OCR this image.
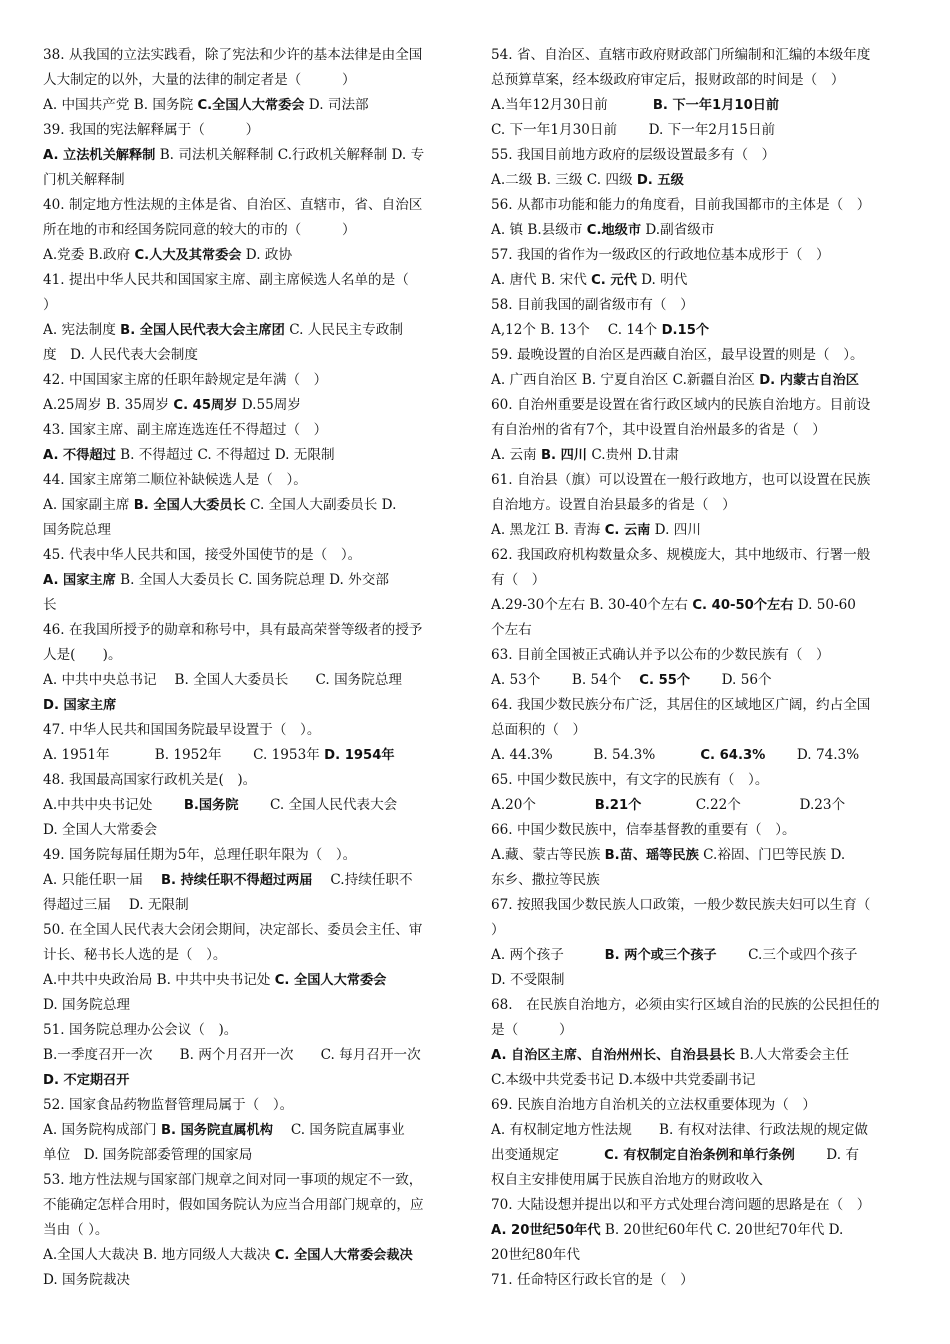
38. 从我国的立法实践看，除了宪法和少许的基本法律是由全国
人大制定的以外，大量的法律的制定者是（　　　）
A. 中国共产党 B. 国务院 C.全国人大常委会 D. 司法部
39. 我国的宪法解释属于（　　　）
A. 立法机关解释制 B. 司法机关解释制 C.行政机关解释制 D. 专
门机关解释制
40. 制定地方性法规的主体是省、自治区、直辖市，省、自治区
所在地的市和经国务院同意的较大的市的（　　　）
A.党委 B.政府 C.人大及其常委会 D. 政协
41. 提出中华人民共和国国家主席、副主席候选人名单的是（
）
A. 宪法制度 B. 全国人民代表大会主席团 C. 人民民主专政制
度　D. 人民代表大会制度
42. 中国国家主席的任职年龄规定是年满（　）
A.25周岁 B. 35周岁 C. 45周岁 D.55周岁
43. 国家主席、副主席连选连任不得超过（　）
A. 不得超过 B. 不得超过 C. 不得超过 D. 无限制
44. 国家主席第二顺位补缺候选人是（　）。
A. 国家副主席 B. 全国人大委员长 C. 全国人大副委员长 D.
国务院总理
45. 代表中华人民共和国，接受外国使节的是（　）。
A. 国家主席 B. 全国人大委员长 C. 国务院总理 D. 外交部
长
46. 在我国所授予的勋章和称号中，具有最高荣誉等级者的授予
人是(　　)。
A. 中共中央总书记　 B. 全国人大委员长　　C. 国务院总理
D. 国家主席
47. 中华人民共和国国务院最早设置于（　）。
A. 1951年　　　 B. 1952年　　 C. 1953年 D. 1954年
48. 我国最高国家行政机关是(　)。
A.中共中央书记处　　 B.国务院　　 C. 全国人民代表大会
D. 全国人大常委会
49. 国务院每届任期为5年，总理任职年限为（　）。
A. 只能任职一届　 B. 持续任职不得超过两届　 C.持续任职不
得超过三届　 D. 无限制
50. 在全国人民代表大会闭会期间，决定部长、委员会主任、审
计长、秘书长人选的是（　）。
A.中共中央政治局 B. 中共中央书记处 C. 全国人大常委会
D. 国务院总理
51. 国务院总理办公会议（　)。
B.一季度召开一次　　B. 两个月召开一次　　C. 每月召开一次
D. 不定期召开
52. 国家食品药物监督管理局属于（　）。
A. 国务院构成部门 B. 国务院直属机构　 C. 国务院直属事业
单位　D. 国务院部委管理的国家局
53. 地方性法规与国家部门规章之间对同一事项的规定不一致，
不能确定怎样合用时，假如国务院认为应当合用部门规章的，应
当由（ ）。
A.全国人大裁决 B. 地方同级人大裁决 C. 全国人大常委会裁决
D. 国务院裁决
54. 省、自治区、直辖市政府财政部门所编制和汇编的本级年度
总预算草案，经本级政府审定后，报财政部的时间是（　）
A.当年12月30日前　　　 B. 下一年1月10日前
C. 下一年1月30日前　　 D. 下一年2月15日前
55. 我国目前地方政府的层级设置最多有（　）
A.二级 B. 三级 C. 四级 D. 五级
56. 从都市功能和能力的角度看，目前我国都市的主体是（　）
A. 镇 B.县级市 C.地级市 D.副省级市
57. 我国的省作为一级政区的行政地位基本成形于（　）
A. 唐代 B. 宋代 C. 元代 D. 明代
58. 目前我国的副省级市有（　）
A,12个 B. 13个　 C. 14个 D.15个
59. 最晚设置的自治区是西藏自治区，最早设置的则是（　）。
A. 广西自治区 B. 宁夏自治区 C.新疆自治区 D. 内蒙古自治区
60. 自治州重要是设置在省行政区域内的民族自治地方。目前设
有自治州的省有7个，其中设置自治州最多的省是（　）
A. 云南 B. 四川 C.贵州 D.甘肃
61. 自治县（旗）可以设置在一般行政地方，也可以设置在民族
自治地方。设置自治县最多的省是（　）
A. 黑龙江 B. 青海 C. 云南 D. 四川
62. 我国政府机构数量众多、规模庞大，其中地级市、行署一般
有（　）
A.29-30个左右 B. 30-40个左右 C. 40-50个左右 D. 50-60
个左右
63. 目前全国被正式确认并予以公布的少数民族有（　）
A. 53个　　 B. 54个　 C. 55个　　 D. 56个
64. 我国少数民族分布广泛，其居住的区域地区广阔，约占全国
总面积的（　）
A. 44.3%　　　B. 54.3%　　　 C. 64.3%　　 D. 74.3%
65. 中国少数民族中，有文字的民族有（　）。
A.20个　　　　 B.21个　　　　C.22个　　　　 D.23个
66. 中国少数民族中，信奉基督教的重要有（　）。
A.藏、蒙古等民族 B.苗、瑶等民族 C.裕固、门巴等民族 D.
东乡、撒拉等民族
67. 按照我国少数民族人口政策，一般少数民族夫妇可以生育（
）
A. 两个孩子　　　B. 两个或三个孩子　　 C.三个或四个孩子
D. 不受限制
68.　在民族自治地方，必须由实行区域自治的民族的公民担任的
是（　　　）
A. 自治区主席、自治州州长、自治县县长 B.人大常委会主任
C.本级中共党委书记 D.本级中共党委副书记
69. 民族自治地方自治机关的立法权重要体现为（　）
A. 有权制定地方性法规　　B. 有权对法律、行政法规的规定做
出变通规定　　　 C. 有权制定自治条例和单行条例　　 D. 有
权自主安排使用属于民族自治地方的财政收入
70. 大陆设想并提出以和平方式处理台湾问题的思路是在（　）
A. 20世纪50年代 B. 20世纪60年代 C. 20世纪70年代 D.
20世纪80年代
71. 任命特区行政长官的是（　）
